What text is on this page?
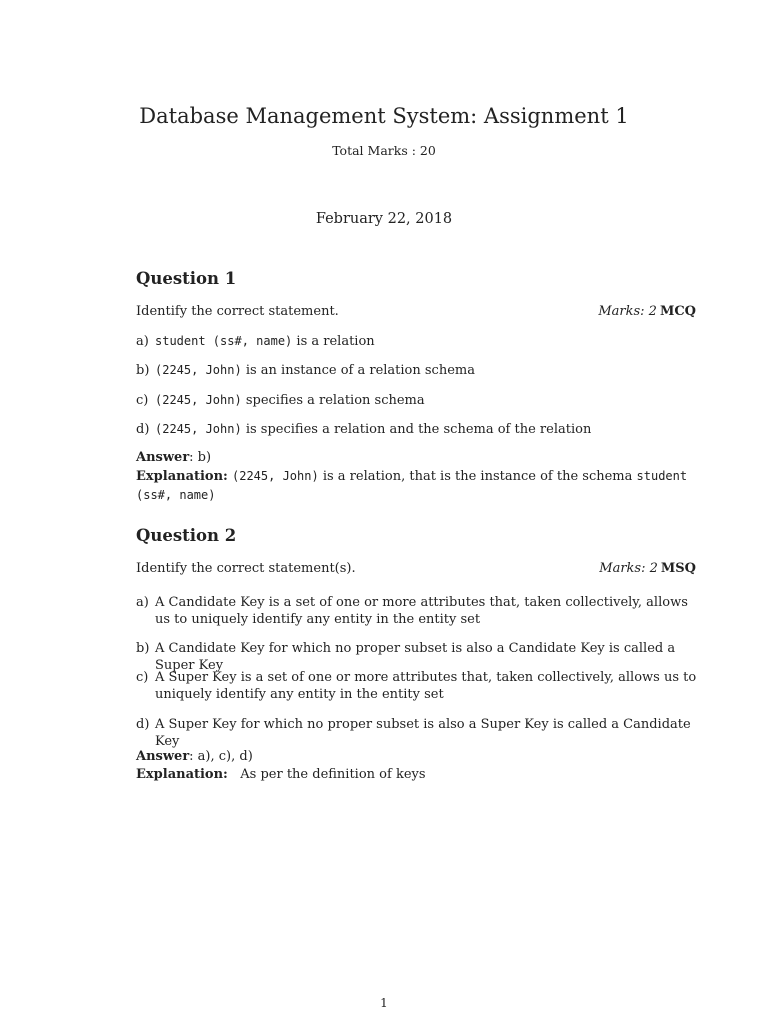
Database Management System: Assignment 1
Total Marks : 20
February 22, 2018
Question 1
Identify the correct statement.	Marks: 2 MCQ
a) student (ss#, name) is a relation
b) (2245, John) is an instance of a relation schema
c) (2245, John) specifies a relation schema
d) (2245, John) is specifies a relation and the schema of the relation
Answer: b)
Explanation: (2245, John) is a relation, that is the instance of the schema student (ss#, name)
Question 2
Identify the correct statement(s).	Marks: 2 MSQ
a) A Candidate Key is a set of one or more attributes that, taken collectively, allows us to uniquely identify any entity in the entity set
b) A Candidate Key for which no proper subset is also a Candidate Key is called a Super Key
c) A Super Key is a set of one or more attributes that, taken collectively, allows us to uniquely identify any entity in the entity set
d) A Super Key for which no proper subset is also a Super Key is called a Candidate Key
Answer: a), c), d)
Explanation: As per the definition of keys
1
